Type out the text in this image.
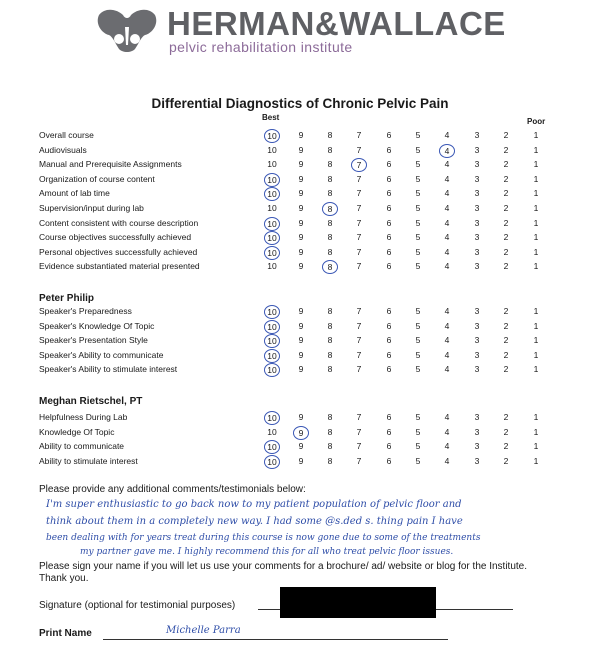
HERMAN&WALLACE
pelvic rehabilitation institute
Differential Diagnostics of Chronic Pelvic Pain
Best	Poor
Overall course	10	9	8	7	6	5	4	3	2	1
Audiovisuals	10	9	8	7	6	5	4	3	2	1
Manual and Prerequisite Assignments	10	9	8	7	6	5	4	3	2	1
Organization of course content	10	9	8	7	6	5	4	3	2	1
Amount of lab time	10	9	8	7	6	5	4	3	2	1
Supervision/input during lab	10	9	8	7	6	5	4	3	2	1
Content consistent with course description	10	9	8	7	6	5	4	3	2	1
Course objectives successfully achieved	10	9	8	7	6	5	4	3	2	1
Personal objectives successfully achieved	10	9	8	7	6	5	4	3	2	1
Evidence substantiated material presented	10	9	8	7	6	5	4	3	2	1
Peter Philip
Speaker's Preparedness	10	9	8	7	6	5	4	3	2	1
Speaker's Knowledge Of Topic	10	9	8	7	6	5	4	3	2	1
Speaker's Presentation Style	10	9	8	7	6	5	4	3	2	1
Speaker's Ability to communicate	10	9	8	7	6	5	4	3	2	1
Speaker's Ability to stimulate interest	10	9	8	7	6	5	4	3	2	1
Meghan Rietschel, PT
Helpfulness During Lab	10	9	8	7	6	5	4	3	2	1
Knowledge Of Topic	10	9	8	7	6	5	4	3	2	1
Ability to communicate	10	9	8	7	6	5	4	3	2	1
Ability to stimulate interest	10	9	8	7	6	5	4	3	2	1
Please provide any additional comments/testimonials below:
I'm super enthusiastic to go back now to my patient population of pelvic floor and
think about them in a completely new way. I had some @s.ded s. thing pain I have
been dealing with for years treat during this course is now gone due to some of the treatments
my partner gave me. I highly recommend this for all who treat pelvic floor issues.
Please sign your name if you will let us use your comments for a brochure/ ad/ website or blog for the Institute.
Thank you.
Signature (optional for testimonial purposes)
Print Name	Michelle Parra
